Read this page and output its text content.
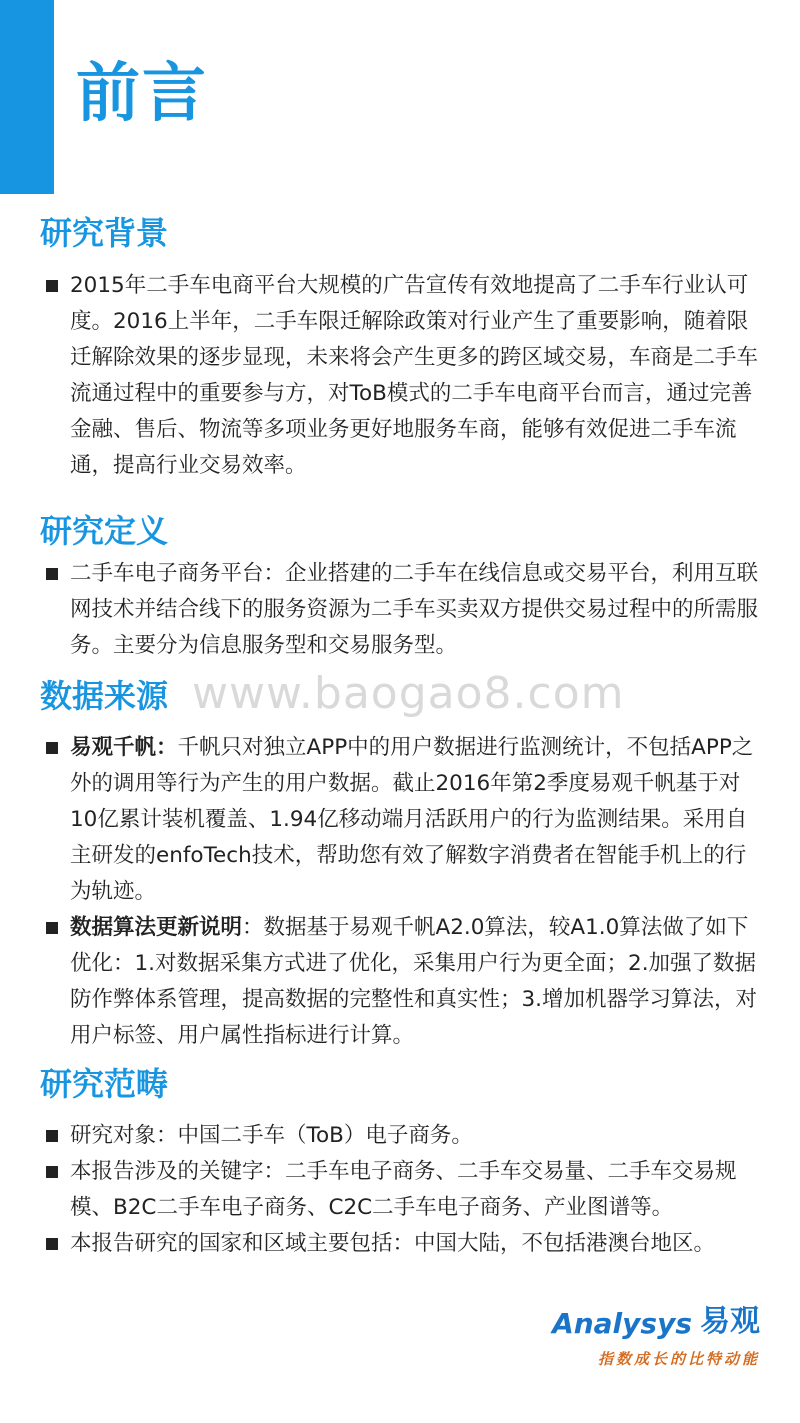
前言
研究背景
2015年二手车电商平台大规模的广告宣传有效地提高了二手车行业认可度。2016上半年，二手车限迁解除政策对行业产生了重要影响，随着限迁解除效果的逐步显现，未来将会产生更多的跨区域交易，车商是二手车流通过程中的重要参与方，对ToB模式的二手车电商平台而言，通过完善金融、售后、物流等多项业务更好地服务车商，能够有效促进二手车流通，提高行业交易效率。
研究定义
二手车电子商务平台：企业搭建的二手车在线信息或交易平台，利用互联网技术并结合线下的服务资源为二手车买卖双方提供交易过程中的所需服务。主要分为信息服务型和交易服务型。
数据来源 www.baogao8.com
易观千帆：千帆只对独立APP中的用户数据进行监测统计，不包括APP之外的调用等行为产生的用户数据。截止2016年第2季度易观千帆基于对10亿累计装机覆盖、1.94亿移动端月活跃用户的行为监测结果。采用自主研发的enfoTech技术，帮助您有效了解数字消费者在智能手机上的行为轨迹。
数据算法更新说明：数据基于易观千帆A2.0算法，较A1.0算法做了如下优化：1.对数据采集方式进了优化，采集用户行为更全面；2.加强了数据防作弊体系管理，提高数据的完整性和真实性；3.增加机器学习算法，对用户标签、用户属性指标进行计算。
研究范畴
研究对象：中国二手车（ToB）电子商务。
本报告涉及的关键字：二手车电子商务、二手车交易量、二手车交易规模、B2C二手车电子商务、C2C二手车电子商务、产业图谱等。
本报告研究的国家和区域主要包括：中国大陆，不包括港澳台地区。
Analysys 易观
指数成长的比特动能
